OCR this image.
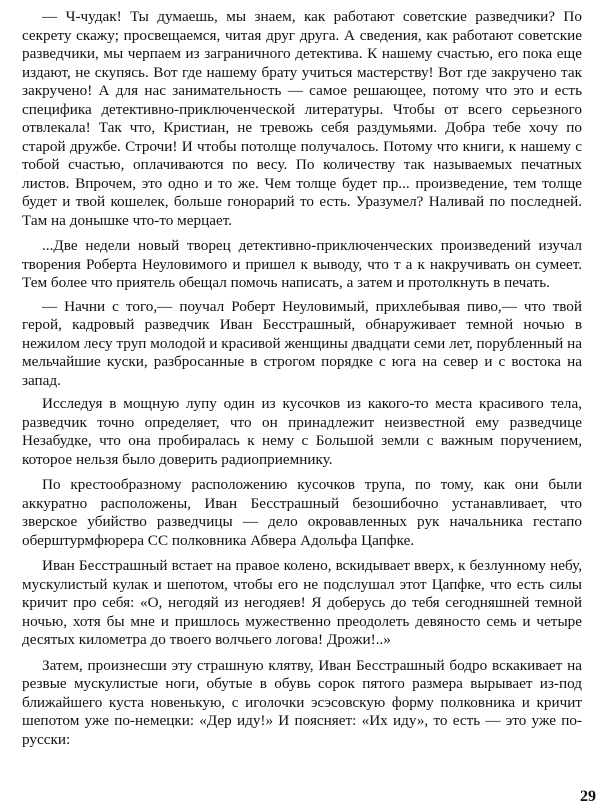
— Ч-чудак! Ты думаешь, мы знаем, как работают советские разведчики? По секрету скажу; просвещаемся, читая друг друга. А сведения, как работают советские разведчики, мы черпаем из заграничного детектива. К нашему счастью, его пока еще издают, не скупясь. Вот где нашему брату учиться мастерству! Вот где закручено так закручено! А для нас занимательность — самое решающее, потому что это и есть специфика детективно-приключенческой литературы. Чтобы от всего серьезного отвлекала! Так что, Кристиан, не тревожь себя раздумьями. Добра тебе хочу по старой дружбе. Строчи! И чтобы потолще получалось. Потому что книги, к нашему с тобой счастью, оплачиваются по весу. По количеству так называемых печатных листов. Впрочем, это одно и то же. Чем толще будет пр... произведение, тем толще будет и твой кошелек, больше гонорарий то есть. Уразумел? Наливай по последней. Там на донышке что-то мерцает.

...Две недели новый творец детективно-приключенческих произведений изучал творения Роберта Неуловимого и пришел к выводу, что т а к накручивать он сумеет. Тем более что приятель обещал помочь написать, а затем и протолкнуть в печать.

— Начни с того,— поучал Роберт Неуловимый, прихлебывая пиво,— что твой герой, кадровый разведчик Иван Бесстрашный, обнаруживает темной ночью в нежилом лесу труп молодой и красивой женщины двадцати семи лет, порубленный на мельчайшие куски, разбросанные в строгом порядке с юга на север и с востока на запад.

Исследуя в мощную лупу один из кусочков из какого-то места красивого тела, разведчик точно определяет, что он принадлежит неизвестной ему разведчице Незабудке, что она пробиралась к нему с Большой земли с важным поручением, которое нельзя было доверить радиоприемнику.

По крестообразному расположению кусочков трупа, по тому, как они были аккуратно расположены, Иван Бесстрашный безошибочно устанавливает, что зверское убийство разведчицы — дело окровавленных рук начальника гестапо оберштурмфюрера СС полковника Абвера Адольфа Цапфке.

Иван Бесстрашный встает на правое колено, вскидывает вверх, к безлунному небу, мускулистый кулак и шепотом, чтобы его не подслушал этот Цапфке, что есть силы кричит про себя: «О, негодяй из негодяев! Я доберусь до тебя сегодняшней темной ночью, хотя бы мне и пришлось мужественно преодолеть девяносто семь и четыре десятых километра до твоего волчьего логова! Дрожи!..»

Затем, произнесши эту страшную клятву, Иван Бесстрашный бодро вскакивает на резвые мускулистые ноги, обутые в обувь сорок пятого размера вырывает из-под ближайшего куста новенькую, с иголочки эсэсовскую форму полковника и кричит шепотом уже по-немецки: «Дер иду!» И поясняет: «Их иду», то есть — это уже по-русски:

29
